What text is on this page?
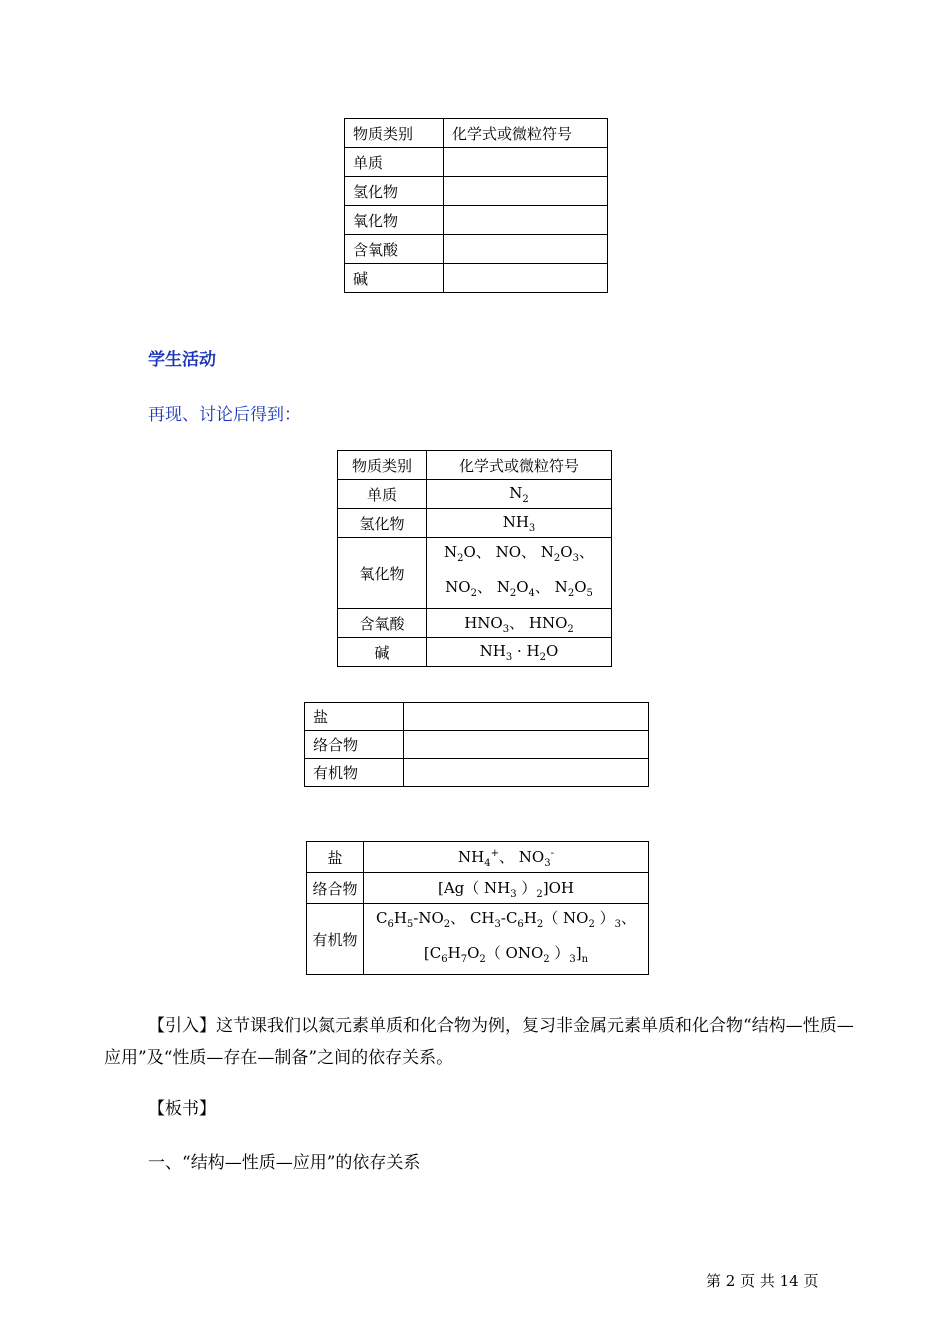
物质类别	化学式或微粒符号
单质	
氢化物	
氧化物	
含氧酸	
碱	
学生活动
再现、讨论后得到：
物质类别	化学式或微粒符号
单质	$N_2$
氢化物	$NH_3$
氧化物	$N_2O$、 NO、 $N_2O_3$、
$NO_2$、 $N_2O_4$、 $N_2O_5$
含氧酸	$HNO_3$、 $HNO_2$
碱	$NH_3 \cdot H_2O$
盐	
络合物	
有机物	
盐	$NH_4^+$、 $NO_3^-$
络合物	[Ag（ $NH_3$ ）$_2]OH$
有机物	$C_6H_5-NO_2$、 $CH_3-C_6H_2$（ $NO_2$ ）$_3$、
[$C_6H_7O_2$（ $ONO_2$ ）$_3]_n$
【引入】这节课我们以氮元素单质和化合物为例，复习非金属元素单质和化合物“结构—性质—应用”及“性质—存在—制备”之间的依存关系。
【板书】
一、“结构—性质—应用”的依存关系
第 2 页 共 14 页
